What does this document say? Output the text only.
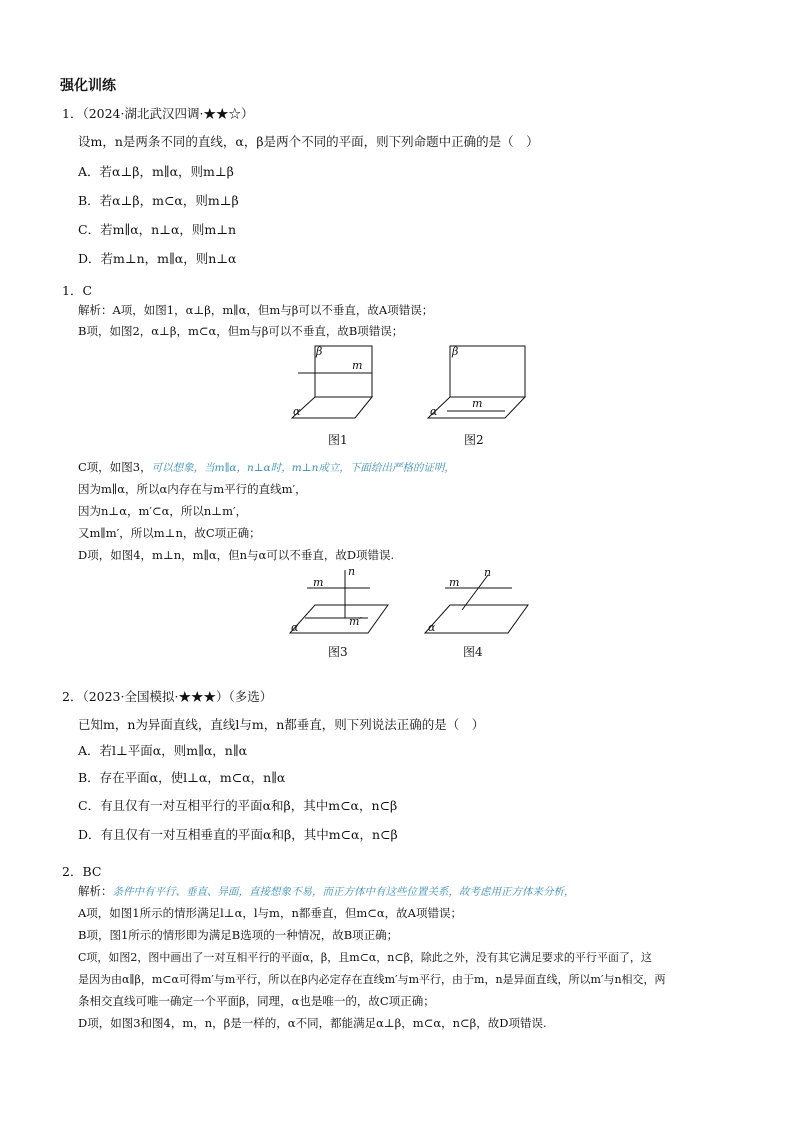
强化训练
1．（2024·湖北武汉四调·★★☆）
设m，n是两条不同的直线，α，β是两个不同的平面，则下列命题中正确的是（　）
A．若α⊥β，m∥α，则m⊥β
B．若α⊥β，m⊂α，则m⊥β
C．若m∥α，n⊥α，则m⊥n
D．若m⊥n，m∥α，则n⊥α
1．C
解析：A项，如图1，α⊥β，m∥α，但m与β可以不垂直，故A项错误；
B项，如图2，α⊥β，m⊂α，但m与β可以不垂直，故B项错误；
β
m
α
图1
β
m
α
图2
C项，如图3，可以想象，当m∥α，n⊥α时，m⊥n成立，下面给出严格的证明，
因为m∥α，所以α内存在与m平行的直线m′，
因为n⊥α，m′⊂α，所以n⊥m′，
又m∥m′，所以m⊥n，故C项正确；
D项，如图4，m⊥n，m∥α，但n与α可以不垂直，故D项错误.
n
m
m′
α
图3
n
m
α
图4
2．（2023·全国模拟·★★★）（多选）
已知m，n为异面直线，直线l与m，n都垂直，则下列说法正确的是（　）
A．若l⊥平面α，则m∥α，n∥α
B．存在平面α，使l⊥α，m⊂α，n∥α
C．有且仅有一对互相平行的平面α和β，其中m⊂α，n⊂β
D．有且仅有一对互相垂直的平面α和β，其中m⊂α，n⊂β
2．BC
解析：条件中有平行、垂直、异面，直接想象不易，而正方体中有这些位置关系，故考虑用正方体来分析，
A项，如图1所示的情形满足l⊥α，l与m，n都垂直，但m⊂α，故A项错误；
B项，图1所示的情形即为满足B选项的一种情况，故B项正确；
C项，如图2，图中画出了一对互相平行的平面α，β，且m⊂α，n⊂β，除此之外，没有其它满足要求的平行平面了，这
是因为由α∥β，m⊂α可得m′与m平行，所以在β内必定存在直线m′与m平行，由于m，n是异面直线，所以m′与n相交，两
条相交直线可唯一确定一个平面β，同理，α也是唯一的，故C项正确；
D项，如图3和图4，m，n，β是一样的，α不同，都能满足α⊥β，m⊂α，n⊂β，故D项错误.
